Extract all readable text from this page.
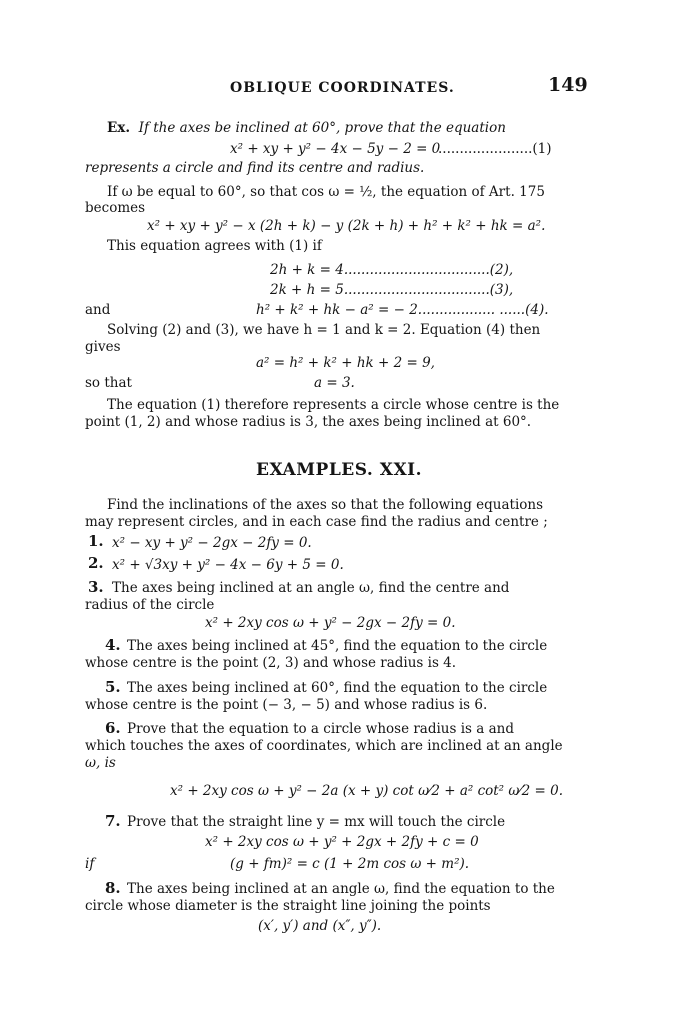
OBLIQUE COORDINATES.	149
Ex. If the axes be inclined at 60°, prove that the equation
x² + xy + y² − 4x − 5y − 2 = 0
......................(1)
represents a circle and find its centre and radius.
If ω be equal to 60°, so that cos ω = ½, the equation of Art. 175
becomes
x² + xy + y² − x (2h + k) − y (2k + h) + h² + k² + hk = a².
This equation agrees with (1) if
2h + k = 4..................................(2),
2k + h = 5..................................(3),
and	h² + k² + hk − a² = − 2.................. ......(4).
Solving (2) and (3), we have h = 1 and k = 2. Equation (4) then
gives
a² = h² + k² + hk + 2 = 9,
so that	a = 3.
The equation (1) therefore represents a circle whose centre is the
point (1, 2) and whose radius is 3, the axes being inclined at 60°.
EXAMPLES. XXI.
Find the inclinations of the axes so that the following equations
may represent circles, and in each case find the radius and centre ;
1. x² − xy + y² − 2gx − 2fy = 0.
2. x² + √3xy + y² − 4x − 6y + 5 = 0.
3. The axes being inclined at an angle ω, find the centre and
radius of the circle
x² + 2xy cos ω + y² − 2gx − 2fy = 0.
4. The axes being inclined at 45°, find the equation to the circle
whose centre is the point (2, 3) and whose radius is 4.
5. The axes being inclined at 60°, find the equation to the circle
whose centre is the point (− 3, − 5) and whose radius is 6.
6. Prove that the equation to a circle whose radius is a and
which touches the axes of coordinates, which are inclined at an angle
ω, is
x² + 2xy cos ω + y² − 2a (x + y) cot ω⁄2 + a² cot² ω⁄2 = 0.
7. Prove that the straight line y = mx will touch the circle
x² + 2xy cos ω + y² + 2gx + 2fy + c = 0
if	(g + fm)² = c (1 + 2m cos ω + m²).
8. The axes being inclined at an angle ω, find the equation to the
circle whose diameter is the straight line joining the points
(x′, y′) and (x″, y″).
